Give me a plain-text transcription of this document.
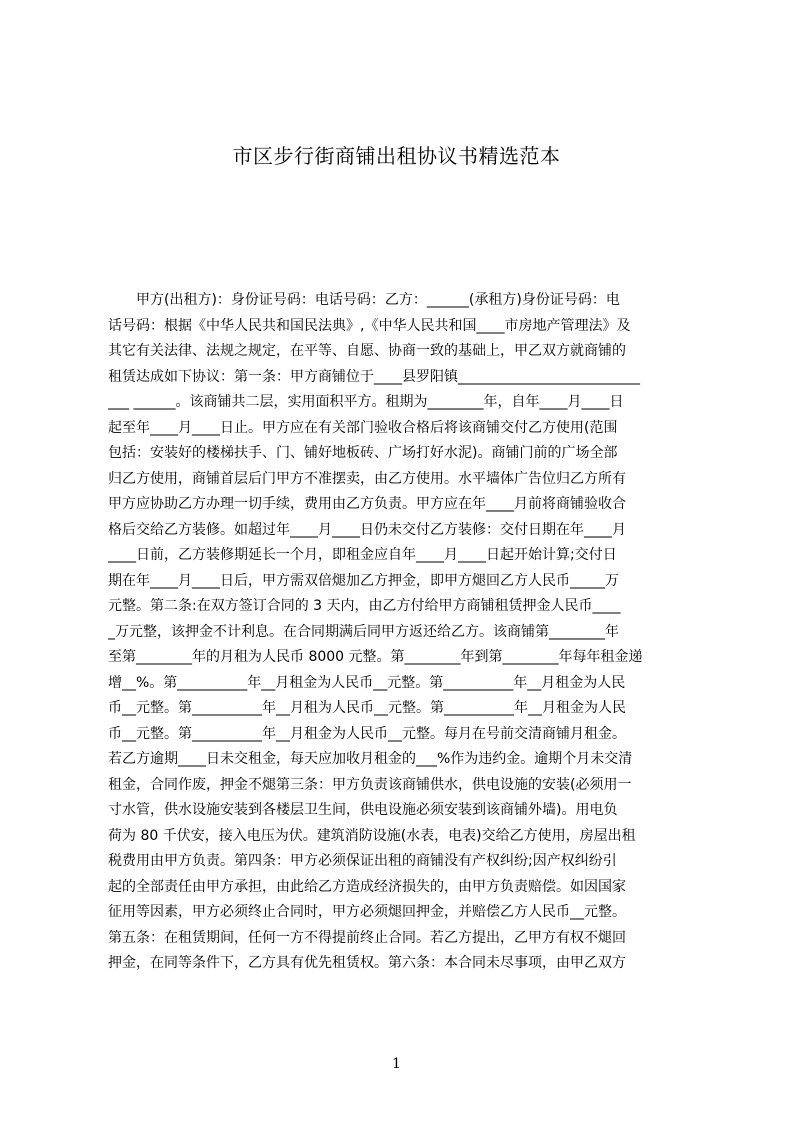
市区步行街商铺出租协议书精选范本
　　甲方(出租方)：身份证号码：电话号码：乙方：______(承租方)身份证号码：电
话号码：根据《中华人民共和国民法典》,《中华人民共和国____市房地产管理法》及
其它有关法律、法规之规定，在平等、自愿、协商一致的基础上，甲乙双方就商铺的
租赁达成如下协议：第一条：甲方商铺位于____县罗阳镇__________________________
___ ______。该商铺共二层，实用面积平方。租期为________年，自年____月____日
起至年____月____日止。甲方应在有关部门验收合格后将该商铺交付乙方使用(范围
包括：安装好的楼梯扶手、门、铺好地板砖、广场打好水泥)。商铺门前的广场全部
归乙方使用，商铺首层后门甲方不准摆卖，由乙方使用。水平墙体广告位归乙方所有
甲方应协助乙方办理一切手续，费用由乙方负责。甲方应在年____月前将商铺验收合
格后交给乙方装修。如超过年____月____日仍未交付乙方装修：交付日期在年____月
____日前，乙方装修期延长一个月，即租金应自年____月____日起开始计算;交付日
期在年____月____日后，甲方需双倍煺加乙方押金，即甲方煺回乙方人民币_____万
元整。第二条:在双方签订合同的 3 天内，由乙方付给甲方商铺租赁押金人民币____
_万元整，该押金不计利息。在合同期满后同甲方返还给乙方。该商铺第________年
至第________年的月租为人民币 8000 元整。第________年到第________年每年租金递
增__%。第__________年__月租金为人民币__元整。第__________年__月租金为人民
币__元整。第__________年__月租为人民币__元整。第__________年__月租金为人民
币__元整。第__________年__月租金为人民币__元整。每月在号前交清商铺月租金。
若乙方逾期____日未交租金，每天应加收月租金的___%作为违约金。逾期个月未交清
租金，合同作废，押金不煺第三条：甲方负责该商铺供水，供电设施的安装(必须用一
寸水管，供水设施安装到各楼层卫生间，供电设施必须安装到该商铺外墙)。用电负
荷为 80 千伏安，接入电压为伏。建筑消防设施(水表，电表)交给乙方使用，房屋出租
税费用由甲方负责。第四条：甲方必须保证出租的商铺没有产权纠纷;因产权纠纷引
起的全部责任由甲方承担，由此给乙方造成经济损失的，由甲方负责赔偿。如因国家
征用等因素，甲方必须终止合同时，甲方必须煺回押金，并赔偿乙方人民币__元整。
第五条：在租赁期间，任何一方不得提前终止合同。若乙方提出，乙甲方有权不煺回
押金，在同等条件下，乙方具有优先租赁权。第六条：本合同未尽事项，由甲乙双方
1
